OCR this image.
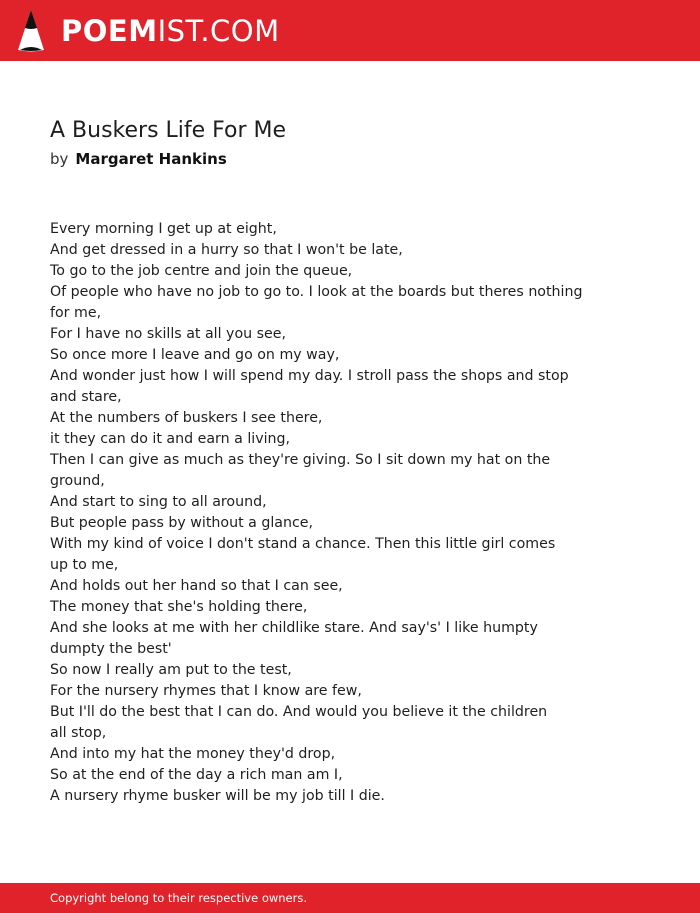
POEMIST.COM
A Buskers Life For Me
by Margaret Hankins
Every morning I get up at eight,
And get dressed in a hurry so that I won't be late,
To go to the job centre and join the queue,
Of people who have no job to go to. I look at the boards but theres nothing
for me,
For I have no skills at all you see,
So once more I leave and go on my way,
And wonder just how I will spend my day. I stroll pass the shops and stop
and stare,
At the numbers of buskers I see there,
it they can do it and earn a living,
Then I can give as much as they're giving. So I sit down my hat on the
ground,
And start to sing to all around,
But people pass by without a glance,
With my kind of voice I don't stand a chance. Then this little girl comes
up to me,
And holds out her hand so that I can see,
The money that she's holding there,
And she looks at me with her childlike stare. And say's' I like humpty
dumpty the best'
So now I really am put to the test,
For the nursery rhymes that I know are few,
But I'll do the best that I can do. And would you believe it the children
all stop,
And into my hat the money they'd drop,
So at the end of the day a rich man am I,
A nursery rhyme busker will be my job till I die.
Copyright belong to their respective owners.
